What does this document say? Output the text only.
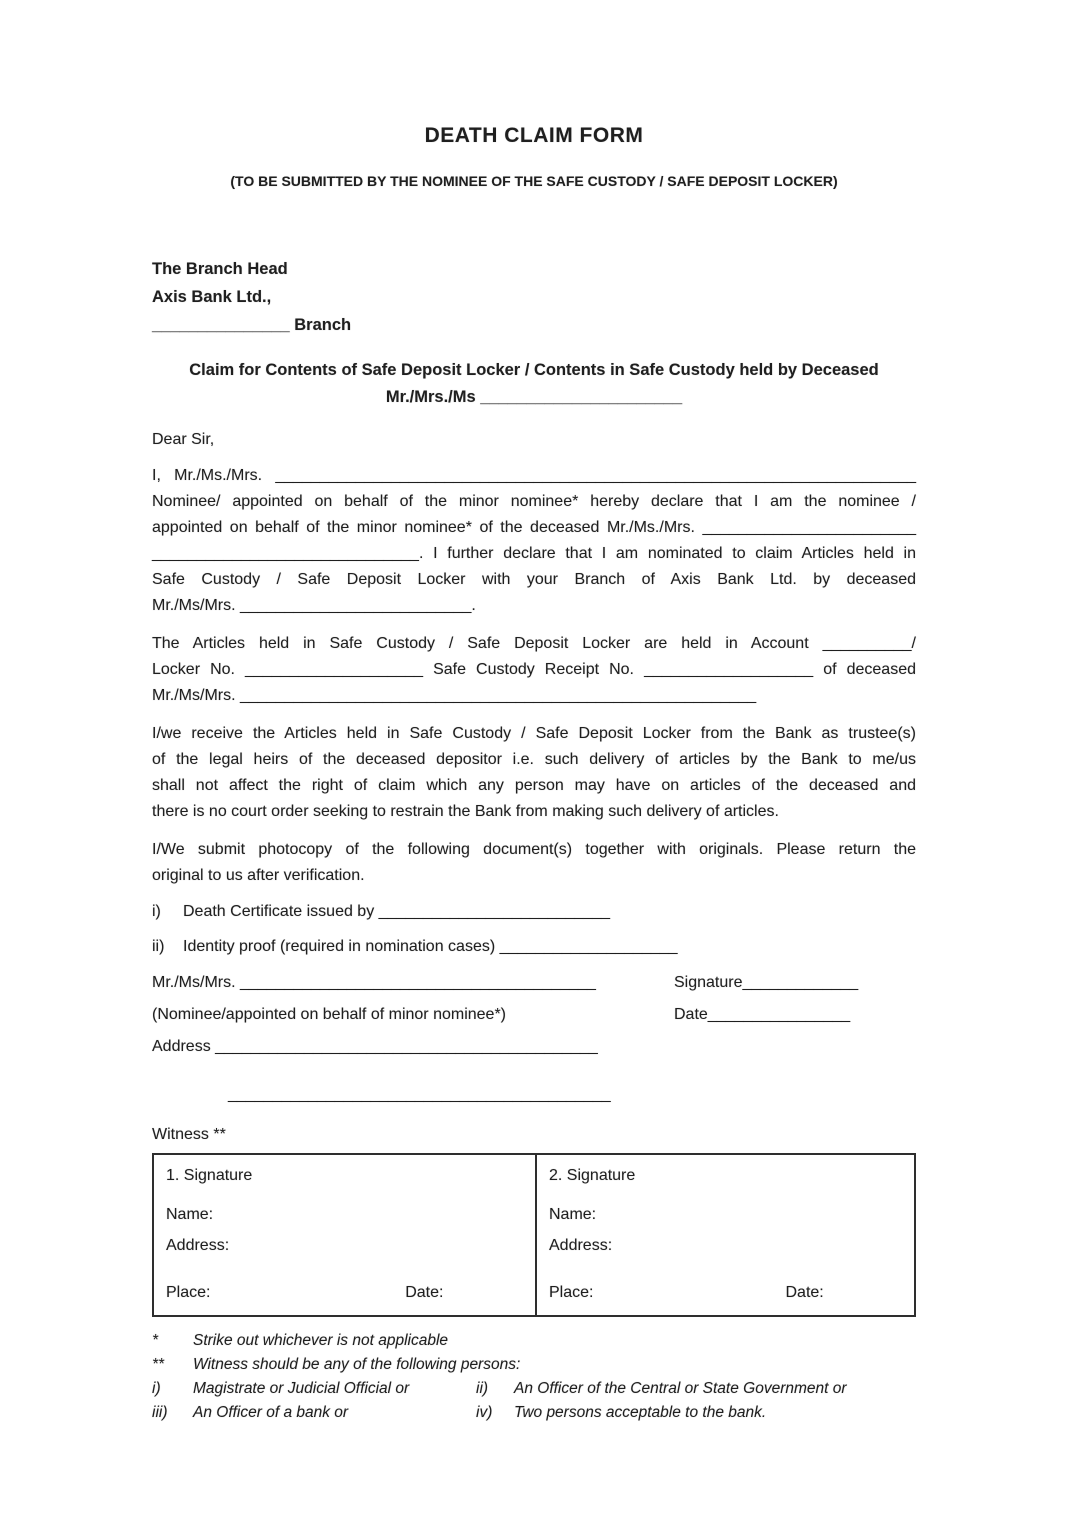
DEATH CLAIM FORM
(TO BE SUBMITTED BY THE NOMINEE OF THE SAFE CUSTODY / SAFE DEPOSIT LOCKER)
The Branch Head
Axis Bank Ltd.,
_______________ Branch
Claim for Contents of Safe Deposit Locker / Contents in Safe Custody held by Deceased
Mr./Mrs./Ms ______________________
Dear Sir,
I, Mr./Ms./Mrs. ________________________________________________________________________
Nominee/ appointed on behalf of the minor nominee* hereby declare that I am the nominee /
appointed on behalf of the minor nominee* of the deceased Mr./Ms./Mrs. ________________________
______________________________. I further declare that I am nominated to claim Articles held in
Safe Custody / Safe Deposit Locker with your Branch of Axis Bank Ltd. by deceased
Mr./Ms/Mrs. __________________________.
The Articles held in Safe Custody / Safe Deposit Locker are held in Account __________/
Locker No. ____________________ Safe Custody Receipt No. ___________________ of deceased
Mr./Ms/Mrs. __________________________________________________________
I/we receive the Articles held in Safe Custody / Safe Deposit Locker from the Bank as trustee(s)
of the legal heirs of the deceased depositor i.e. such delivery of articles by the Bank to me/us
shall not affect the right of claim which any person may have on articles of the deceased and
there is no court order seeking to restrain the Bank from making such delivery of articles.
I/We submit photocopy of the following document(s) together with originals. Please return the
original to us after verification.
i)	Death Certificate issued by __________________________
ii)	Identity proof (required in nomination cases) ____________________
Mr./Ms/Mrs. ________________________________________	Signature_____________
(Nominee/appointed on behalf of minor nominee*)	Date________________
Address ___________________________________________
___________________________________________
Witness **
1. Signature
Name:
Address:
Place:	Date:
2. Signature
Name:
Address:
Place:	Date:
*	Strike out whichever is not applicable
**	Witness should be any of the following persons:
i)	Magistrate or Judicial Official or	ii)	An Officer of the Central or State Government or
iii)	An Officer of a bank or	iv)	Two persons acceptable to the bank.
